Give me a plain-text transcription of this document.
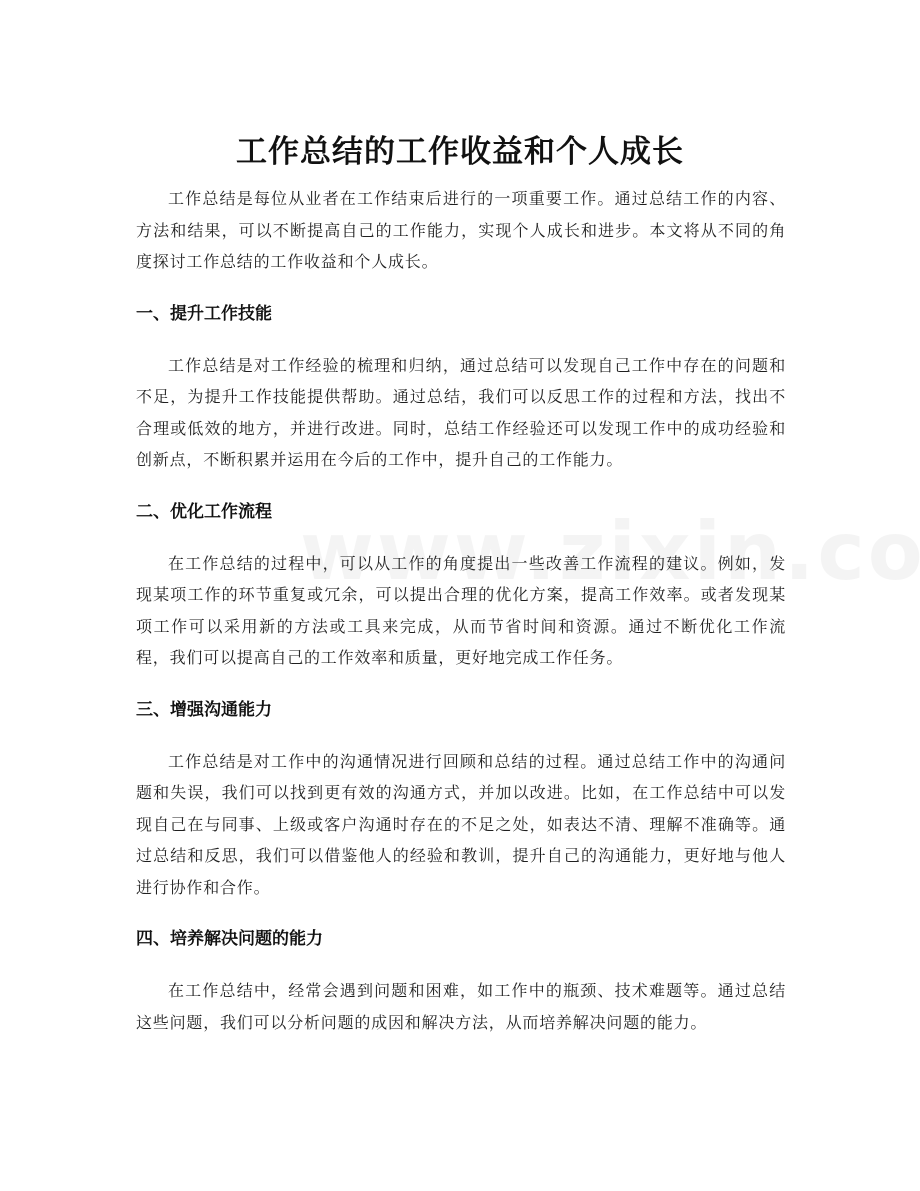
工作总结的工作收益和个人成长

工作总结是每位从业者在工作结束后进行的一项重要工作。通过总结工作的内容、方法和结果，可以不断提高自己的工作能力，实现个人成长和进步。本文将从不同的角度探讨工作总结的工作收益和个人成长。

一、提升工作技能

工作总结是对工作经验的梳理和归纳，通过总结可以发现自己工作中存在的问题和不足，为提升工作技能提供帮助。通过总结，我们可以反思工作的过程和方法，找出不合理或低效的地方，并进行改进。同时，总结工作经验还可以发现工作中的成功经验和创新点，不断积累并运用在今后的工作中，提升自己的工作能力。

二、优化工作流程

在工作总结的过程中，可以从工作的角度提出一些改善工作流程的建议。例如，发现某项工作的环节重复或冗余，可以提出合理的优化方案，提高工作效率。或者发现某项工作可以采用新的方法或工具来完成，从而节省时间和资源。通过不断优化工作流程，我们可以提高自己的工作效率和质量，更好地完成工作任务。

三、增强沟通能力

工作总结是对工作中的沟通情况进行回顾和总结的过程。通过总结工作中的沟通问题和失误，我们可以找到更有效的沟通方式，并加以改进。比如，在工作总结中可以发现自己在与同事、上级或客户沟通时存在的不足之处，如表达不清、理解不准确等。通过总结和反思，我们可以借鉴他人的经验和教训，提升自己的沟通能力，更好地与他人进行协作和合作。

四、培养解决问题的能力

在工作总结中，经常会遇到问题和困难，如工作中的瓶颈、技术难题等。通过总结这些问题，我们可以分析问题的成因和解决方法，从而培养解决问题的能力。
